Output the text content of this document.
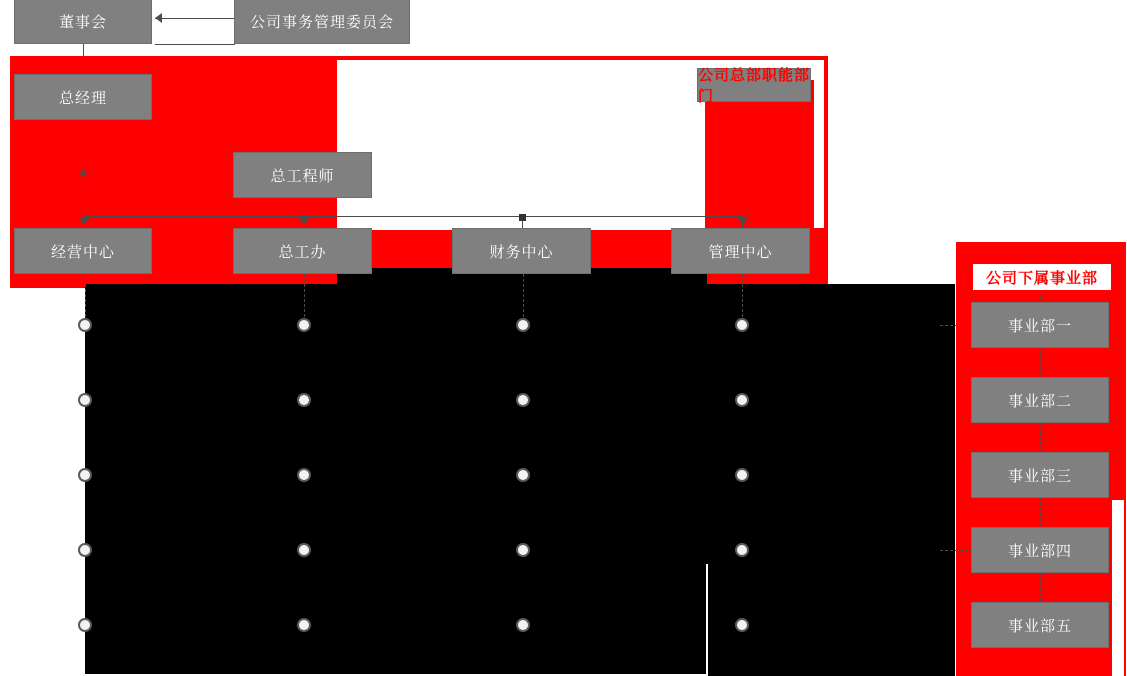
董事会	公司事务管理委员会
总经理
总工程师
公司总部职能部门
经营中心	总工办	财务中心	管理中心
公司下属事业部
事业部一
事业部二
事业部三
事业部四
事业部五
